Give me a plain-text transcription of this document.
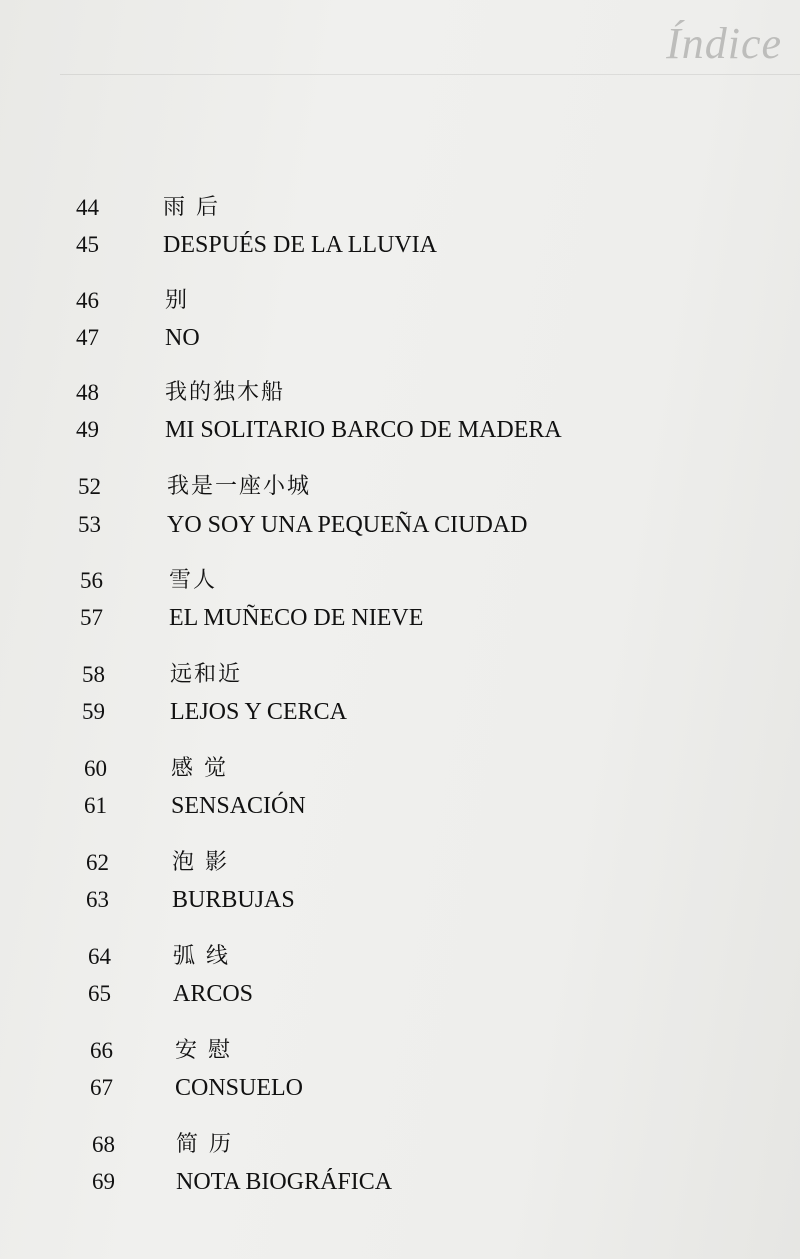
Índice
44	雨 后
45	DESPUÉS DE LA LLUVIA
46	别
47	NO
48	我的独木船
49	MI SOLITARIO BARCO DE MADERA
52	我是一座小城
53	YO SOY UNA PEQUEÑA CIUDAD
56	雪人
57	EL MUÑECO DE NIEVE
58	远和近
59	LEJOS Y CERCA
60	感 觉
61	SENSACIÓN
62	泡 影
63	BURBUJAS
64	弧 线
65	ARCOS
66	安 慰
67	CONSUELO
68	简 历
69	NOTA BIOGRÁFICA
